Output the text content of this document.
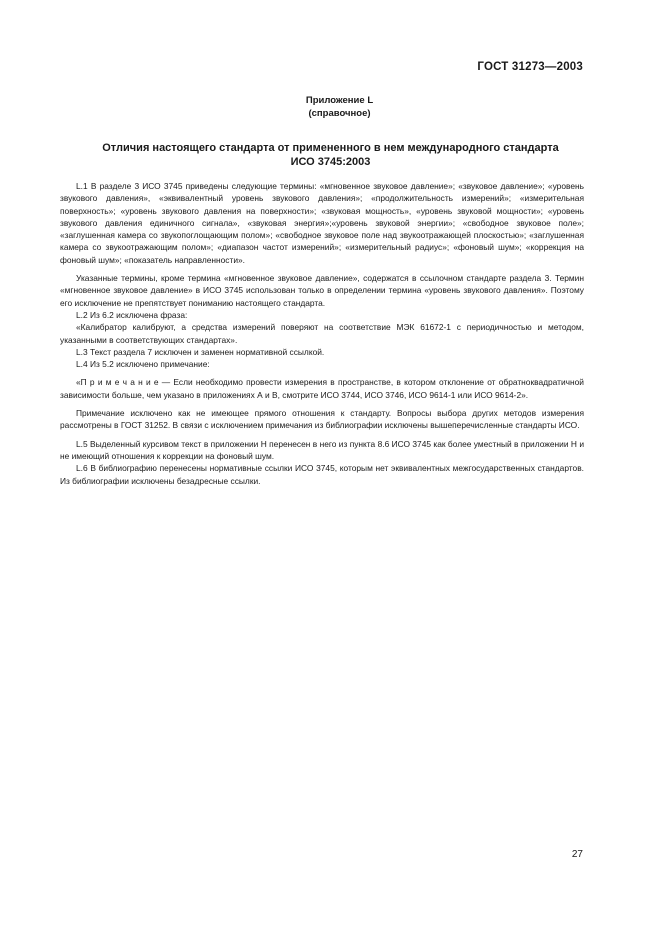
ГОСТ 31273—2003
Приложение L
(справочное)
Отличия настоящего стандарта от примененного в нем международного стандарта
ИСО 3745:2003

L.1 В разделе 3 ИСО 3745 приведены следующие термины: «мгновенное звуковое давление»; «звуковое давление»; «уровень звукового давления», «эквивалентный уровень звукового давления»; «продолжительность измерений»; «измерительная поверхность»; «уровень звукового давления на поверхности»; «звуковая мощность», «уровень звуковой мощности»; «уровень звукового давления единичного сигнала», «звуковая энергия»;«уровень звуковой энергии»; «свободное звуковое поле»; «заглушенная камера со звукопоглощающим полом»; «свободное звуковое поле над звукоотражающей плоскостью»; «заглушенная камера со звукоотражающим полом»; «диапазон частот измерений»; «измерительный радиус»; «фоновый шум»; «коррекция на фоновый шум»; «показатель направленности».

Указанные термины, кроме термина «мгновенное звуковое давление», содержатся в ссылочном стандарте раздела 3. Термин «мгновенное звуковое давление» в ИСО 3745 использован только в определении термина «уровень звукового давления». Поэтому его исключение не препятствует пониманию настоящего стандарта.

L.2 Из 6.2 исключена фраза:

«Калибратор калибруют, а средства измерений поверяют на соответствие МЭК 61672-1 с периодичностью и методом, указанными в соответствующих стандартах».

L.3 Текст раздела 7 исключен и заменен нормативной ссылкой.

L.4 Из 5.2 исключено примечание:

«П р и м е ч а н и е — Если необходимо провести измерения в пространстве, в котором отклонение от обратноквадратичной зависимости больше, чем указано в приложениях А и В, смотрите ИСО 3744, ИСО 3746, ИСО 9614-1 или ИСО 9614-2».

Примечание исключено как не имеющее прямого отношения к стандарту. Вопросы выбора других методов измерения рассмотрены в ГОСТ 31252. В связи с исключением примечания из библиографии исключены вышеперечисленные стандарты ИСО.

L.5 Выделенный курсивом текст в приложении Н перенесен в него из пункта 8.6 ИСО 3745 как более уместный в приложении Н и не имеющий отношения к коррекции на фоновый шум.

L.6 В библиографию перенесены нормативные ссылки ИСО 3745, которым нет эквивалентных межгосударственных стандартов. Из библиографии исключены безадресные ссылки.

27
